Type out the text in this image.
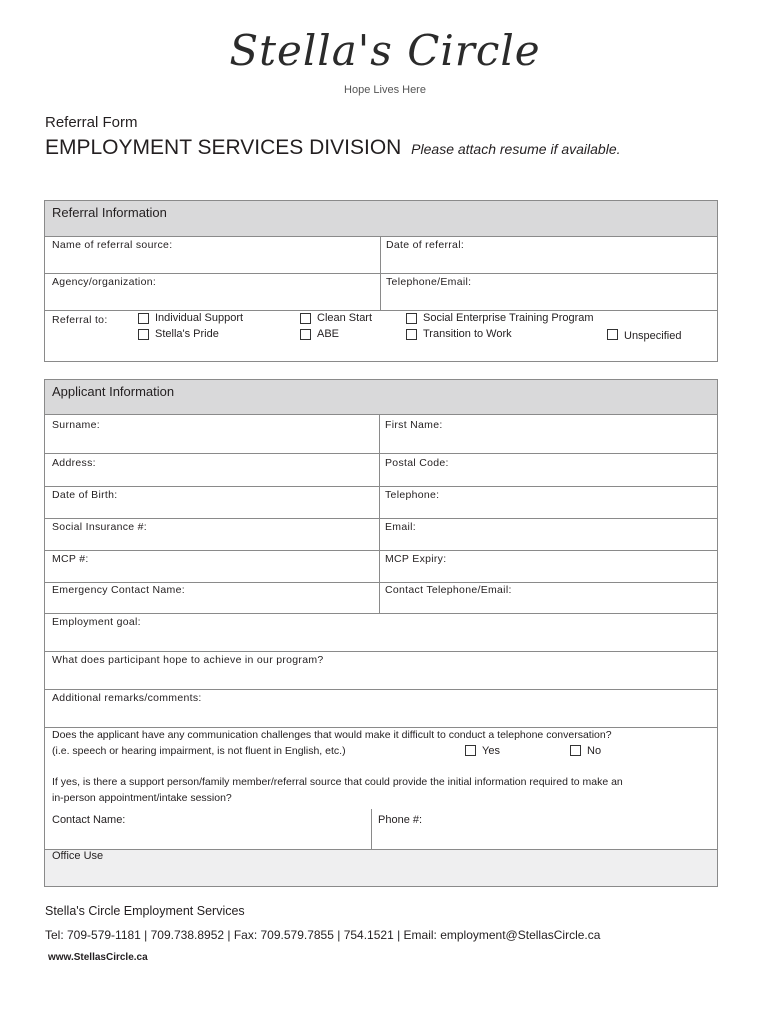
Stella's Circle
Hope Lives Here
Referral Form
EMPLOYMENT SERVICES DIVISION Please attach resume if available.
Referral Information
Name of referral source:	Date of referral:
Agency/organization:	Telephone/Email:
Referral to:	Individual Support
Stella's Pride
Clean Start
ABE
Social Enterprise Training Program
Transition to Work	Unspecified
Applicant Information
Surname:	First Name:
Address:	Postal Code:
Date of Birth:	Telephone:
Social Insurance #:	Email:
MCP #:	MCP Expiry:
Emergency Contact Name:	Contact Telephone/Email:
Employment goal:
What does participant hope to achieve in our program?
Additional remarks/comments:
Does the applicant have any communication challenges that would make it difficult to conduct a telephone conversation?
(i.e. speech or hearing impairment, is not fluent in English, etc.)	Yes	No
If yes, is there a support person/family member/referral source that could provide the initial information required to make an
in-person appointment/intake session?
Contact Name:	Phone #:
Office Use
Stella's Circle Employment Services
Tel: 709-579-1181 | 709.738.8952 | Fax: 709.579.7855 | 754.1521 | Email: employment@StellasCircle.ca
www.StellasCircle.ca
